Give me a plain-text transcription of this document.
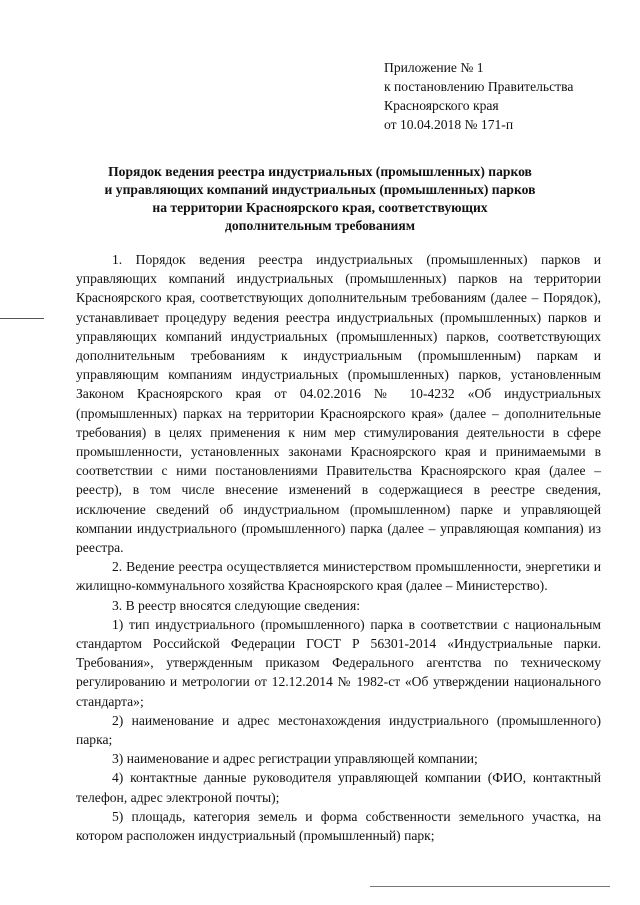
Приложение № 1
к постановлению Правительства
Красноярского края
от 10.04.2018 № 171-п
Порядок ведения реестра индустриальных (промышленных) парков
и управляющих компаний индустриальных (промышленных) парков
на территории Красноярского края, соответствующих
дополнительным требованиям

1. Порядок ведения реестра индустриальных (промышленных) парков и управляющих компаний индустриальных (промышленных) парков на территории Красноярского края, соответствующих дополнительным требованиям (далее – Порядок), устанавливает процедуру ведения реестра индустриальных (промышленных) парков и управляющих компаний индустриальных (промышленных) парков, соответствующих дополнительным требованиям к индустриальным (промышленным) паркам и управляющим компаниям индустриальных (промышленных) парков, установленным Законом Красноярского края от 04.02.2016 № 10-4232 «Об индустриальных (промышленных) парках на территории Красноярского края» (далее – дополнительные требования) в целях применения к ним мер стимулирования деятельности в сфере промышленности, установленных законами Красноярского края и принимаемыми в соответствии с ними постановлениями Правительства Красноярского края (далее – реестр), в том числе внесение изменений в содержащиеся в реестре сведения, исключение сведений об индустриальном (промышленном) парке и управляющей компании индустриального (промышленного) парка (далее – управляющая компания) из реестра.

2. Ведение реестра осуществляется министерством промышленности, энергетики и жилищно-коммунального хозяйства Красноярского края (далее – Министерство).

3. В реестр вносятся следующие сведения:

1) тип индустриального (промышленного) парка в соответствии с национальным стандартом Российской Федерации ГОСТ Р 56301-2014 «Индустриальные парки. Требования», утвержденным приказом Федерального агентства по техническому регулированию и метрологии от 12.12.2014 № 1982-ст «Об утверждении национального стандарта»;

2) наименование и адрес местонахождения индустриального (промышленного) парка;

3) наименование и адрес регистрации управляющей компании;

4) контактные данные руководителя управляющей компании (ФИО, контактный телефон, адрес электроной почты);

5) площадь, категория земель и форма собственности земельного участка, на котором расположен индустриальный (промышленный) парк;
